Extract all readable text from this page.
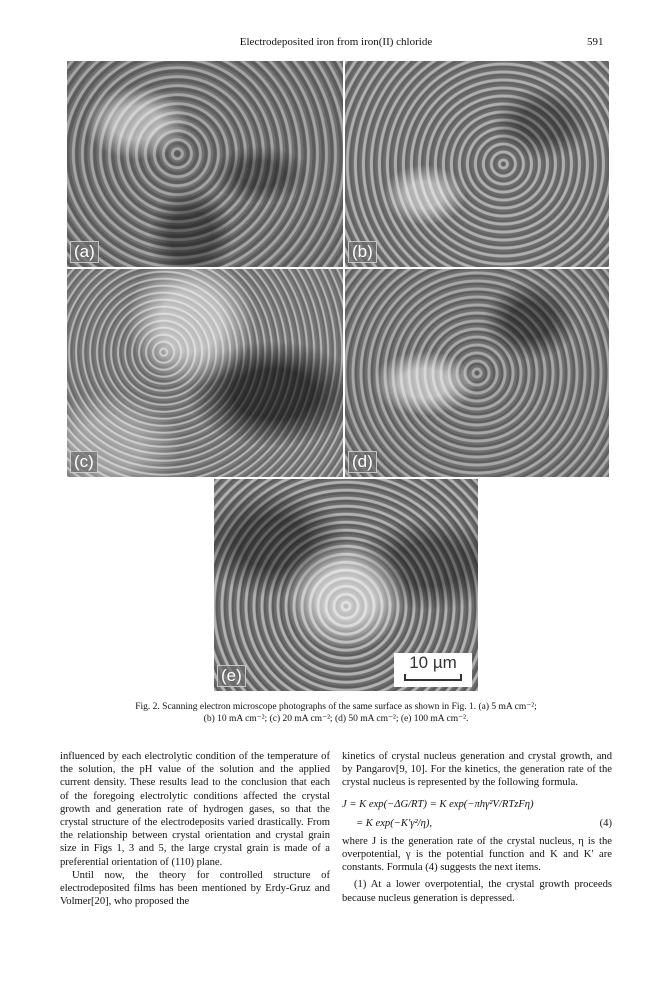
Electrodeposited iron from iron(II) chloride	591
(a)	(b)
(c)	(d)
(e)
10 µm
Fig. 2. Scanning electron microscope photographs of the same surface as shown in Fig. 1. (a) 5 mA cm⁻²;
(b) 10 mA cm⁻²; (c) 20 mA cm⁻²; (d) 50 mA cm⁻²; (e) 100 mA cm⁻².

influenced by each electrolytic condition of the temperature of the solution, the pH value of the solution and the applied current density. These results lead to the conclusion that each of the foregoing electrolytic conditions affected the crystal growth and generation rate of hydrogen gases, so that the crystal structure of the electrodeposits varied drastically. From the relationship between crystal orientation and crystal grain size in Figs 1, 3 and 5, the large crystal grain is made of a preferential orientation of (110) plane.

Until now, the theory for controlled structure of electrodeposited films has been mentioned by Erdy-Gruz and Volmer[20], who proposed the

kinetics of crystal nucleus generation and crystal growth, and by Pangarov[9, 10]. For the kinetics, the generation rate of the crystal nucleus is represented by the following formula.

J = K exp(−ΔG/RT) = K exp(−πhγ²V/RTzFη)
= K exp(−K′γ²/η),	(4)

where J is the generation rate of the crystal nucleus, η is the overpotential, γ is the potential function and K and K′ are constants. Formula (4) suggests the next items.

(1) At a lower overpotential, the crystal growth proceeds because nucleus generation is depressed.
